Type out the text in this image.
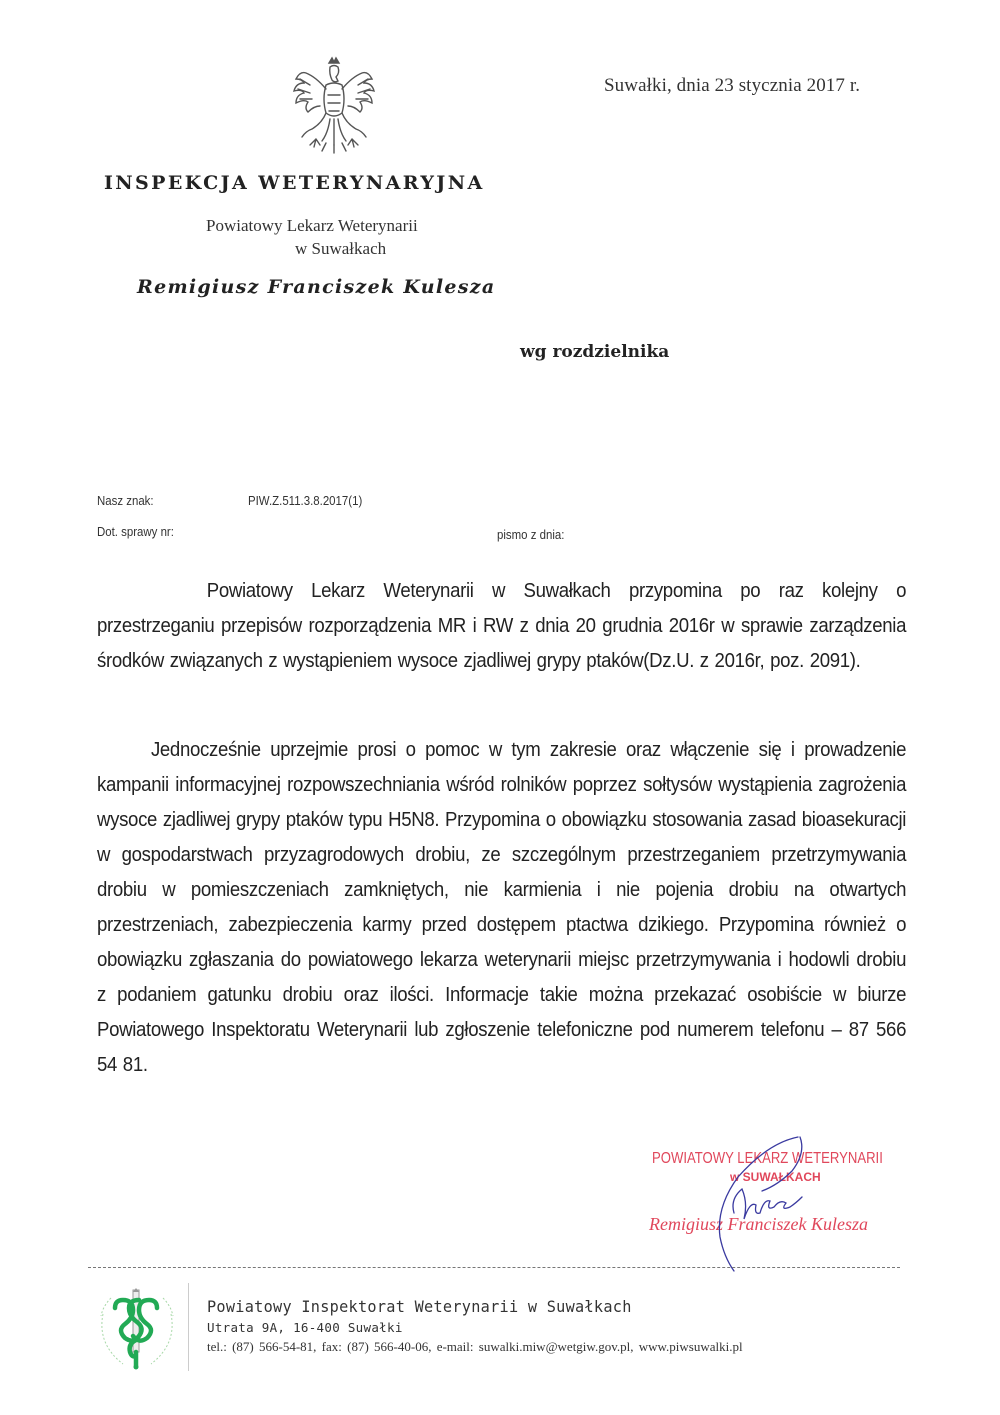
Suwałki, dnia 23 stycznia 2017 r.
INSPEKCJA WETERYNARYJNA
Powiatowy Lekarz Weterynarii
w Suwałkach
Remigiusz Franciszek Kulesza
wg rozdzielnika
Nasz znak:	PIW.Z.511.3.8.2017(1)
Dot. sprawy nr:	pismo z dnia:
Powiatowy Lekarz Weterynarii w Suwałkach przypomina po raz kolejny o przestrzeganiu przepisów rozporządzenia MR i RW z dnia 20 grudnia 2016r w sprawie zarządzenia środków związanych z wystąpieniem wysoce zjadliwej grypy ptaków(Dz.U. z 2016r, poz. 2091).
Jednocześnie uprzejmie prosi o pomoc w tym zakresie oraz włączenie się i prowadzenie kampanii informacyjnej rozpowszechniania wśród rolników poprzez sołtysów wystąpienia zagrożenia wysoce zjadliwej grypy ptaków typu H5N8. Przypomina o obowiązku stosowania zasad bioasekuracji w gospodarstwach przyzagrodowych drobiu, ze szczególnym przestrzeganiem przetrzymywania drobiu w pomieszczeniach zamkniętych, nie karmienia i nie pojenia drobiu na otwartych przestrzeniach, zabezpieczenia karmy przed dostępem ptactwa dzikiego. Przypomina również o obowiązku zgłaszania do powiatowego lekarza weterynarii miejsc przetrzymywania i hodowli drobiu z podaniem gatunku drobiu oraz ilości. Informacje takie można przekazać osobiście w biurze Powiatowego Inspektoratu Weterynarii lub zgłoszenie telefoniczne pod numerem telefonu – 87 566 54 81.
POWIATOWY LEKARZ WETERYNARII
w SUWAŁKACH
Remigiusz Franciszek Kulesza
Powiatowy Inspektorat Weterynarii w Suwałkach
Utrata 9A, 16-400 Suwałki
tel.: (87) 566-54-81, fax: (87) 566-40-06, e-mail: suwalki.miw@wetgiw.gov.pl, www.piwsuwalki.pl
